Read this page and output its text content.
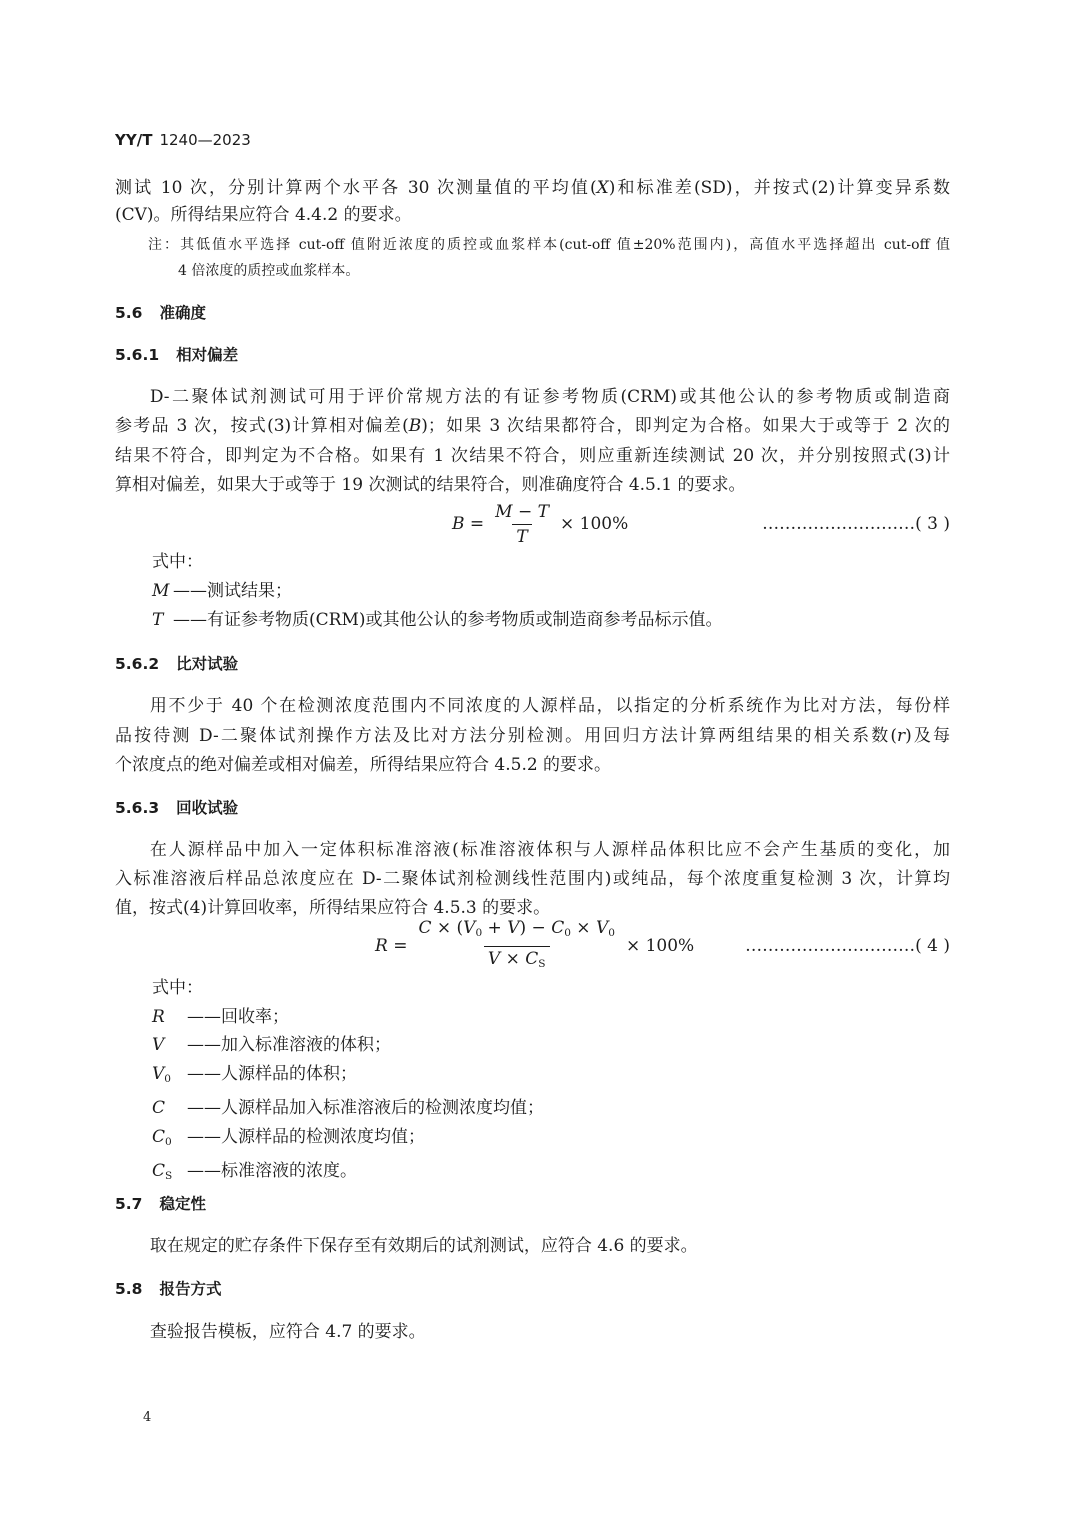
YY/T 1240—2023
测试 10 次，分别计算两个水平各 30 次测量值的平均值(X)和标准差(SD)，并按式(2)计算变异系数
(CV)。所得结果应符合 4.4.2 的要求。
注：其低值水平选择 cut-off 值附近浓度的质控或血浆样本(cut-off 值±20%范围内)，高值水平选择超出 cut-off 值
4 倍浓度的质控或血浆样本。
5.6 准确度
5.6.1 相对偏差
D-二聚体试剂测试可用于评价常规方法的有证参考物质(CRM)或其他公认的参考物质或制造商
参考品 3 次，按式(3)计算相对偏差(B)；如果 3 次结果都符合，即判定为合格。如果大于或等于 2 次的
结果不符合，即判定为不合格。如果有 1 次结果不符合，则应重新连续测试 20 次，并分别按照式(3)计
算相对偏差，如果大于或等于 19 次测试的结果符合，则准确度符合 4.5.1 的要求。
$B = \frac{M - T}{T} \times 100\%$	……………………… ( 3 )
式中：
M ——测试结果；
T ——有证参考物质(CRM)或其他公认的参考物质或制造商参考品标示值。
5.6.2 比对试验
用不少于 40 个在检测浓度范围内不同浓度的人源样品，以指定的分析系统作为比对方法，每份样
品按待测 D-二聚体试剂操作方法及比对方法分别检测。用回归方法计算两组结果的相关系数(r)及每
个浓度点的绝对偏差或相对偏差，所得结果应符合 4.5.2 的要求。
5.6.3 回收试验
在人源样品中加入一定体积标准溶液(标准溶液体积与人源样品体积比应不会产生基质的变化，加
入标准溶液后样品总浓度应在 D-二聚体试剂检测线性范围内)或纯品，每个浓度重复检测 3 次，计算均
值，按式(4)计算回收率，所得结果应符合 4.5.3 的要求。
$R = \frac{C \times (V_0 + V) - C_0 \times V_0}{V \times C_S} \times 100\%$	………………………… ( 4 )
式中：
R	——回收率；
V	——加入标准溶液的体积；
$V_0$ ——人源样品的体积；
C	——人源样品加入标准溶液后的检测浓度均值；
$C_0$ ——人源样品的检测浓度均值；
$C_S$ ——标准溶液的浓度。
5.7 稳定性
取在规定的贮存条件下保存至有效期后的试剂测试，应符合 4.6 的要求。
5.8 报告方式
查验报告模板，应符合 4.7 的要求。
4
